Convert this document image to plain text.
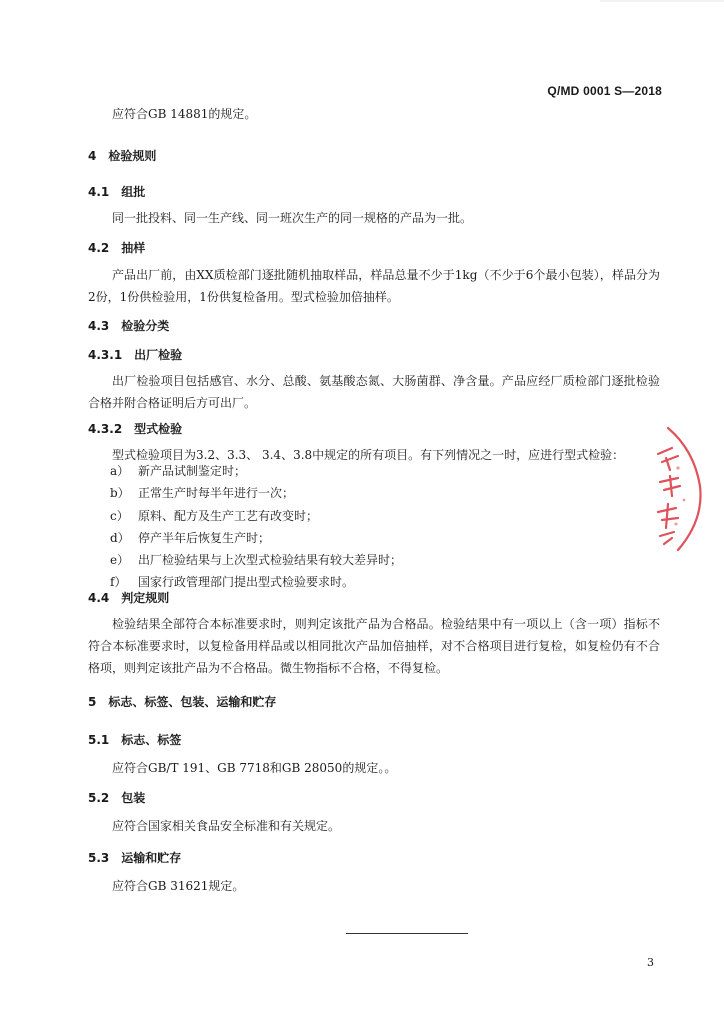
Q/MD 0001 S—2018

应符合GB 14881的规定。

4 检验规则
4.1 组批

同一批投料、同一生产线、同一班次生产的同一规格的产品为一批。

4.2 抽样

产品出厂前，由XX质检部门逐批随机抽取样品，样品总量不少于1kg（不少于6个最小包装），样品分为2份，1份供检验用，1份供复检备用。型式检验加倍抽样。

4.3 检验分类
4.3.1 出厂检验

出厂检验项目包括感官、水分、总酸、氨基酸态氮、大肠菌群、净含量。产品应经厂质检部门逐批检验合格并附合格证明后方可出厂。

4.3.2 型式检验

型式检验项目为3.2、3.3、 3.4、3.8中规定的所有项目。有下列情况之一时，应进行型式检验：

a） 新产品试制鉴定时；
b） 正常生产时每半年进行一次；
c） 原料、配方及生产工艺有改变时；
d） 停产半年后恢复生产时；
e） 出厂检验结果与上次型式检验结果有较大差异时；
f） 国家行政管理部门提出型式检验要求时。
4.4 判定规则

检验结果全部符合本标准要求时，则判定该批产品为合格品。检验结果中有一项以上（含一项）指标不符合本标准要求时，以复检备用样品或以相同批次产品加倍抽样，对不合格项目进行复检，如复检仍有不合格项，则判定该批产品为不合格品。微生物指标不合格，不得复检。

5 标志、标签、包装、运输和贮存
5.1 标志、标签

应符合GB/T 191、GB 7718和GB 28050的规定。。

5.2 包装

应符合国家相关食品安全标准和有关规定。

5.3 运输和贮存

应符合GB 31621规定。

3
